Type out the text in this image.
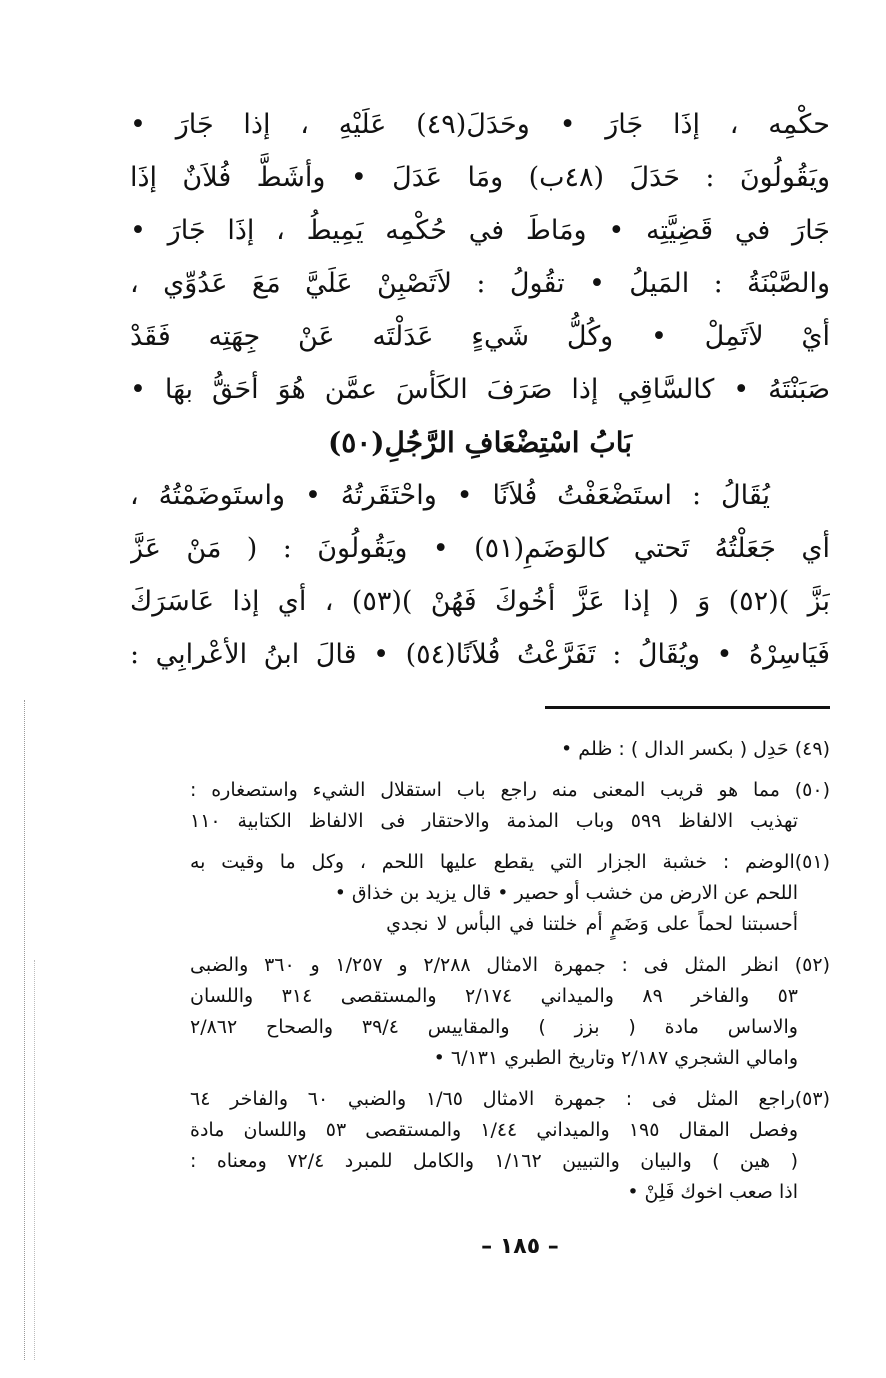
حكْمِه ، إذَا جَارَ • وحَدَلَ(٤٩) عَلَيْهِ ، إذا جَارَ •
ويَقُولُونَ : حَدَلَ (٤٨ب) ومَا عَدَلَ • وأشَطَّ فُلاَنٌ إذَا
جَارَ في قَضِيَّتِه • ومَاطَ في حُكْمِه يَمِيطُ ، إذَا جَارَ •
والصَّبْنَةُ : المَيلُ • تقُولُ : لاَتَصْبِنْ عَلَيَّ مَعَ عَدُوِّي ،
أيْ لاَتَمِلْ • وكُلُّ شَيءٍ عَدَلْتَه عَنْ جِهَتِه فَقَدْ
صَبَنْتَهُ • كالسَّاقِي إذا صَرَفَ الكَأسَ عمَّن هُوَ أحَقُّ بهَا •
بَابُ اسْتِضْعَافِ الرَّجُلِ(٥٠)
يُقَالُ : استَضْعَفْتُ فُلاَنًا • واحْتَقَرتُهُ • واستَوضَمْتُهُ ،
أي جَعَلْتُهُ تَحتي كالوَضَمِ(٥١) • ويَقُولُونَ : ( مَنْ عَزَّ
بَزَّ )(٥٢) وَ ( إذا عَزَّ أخُوكَ فَهُنْ )(٥٣) ، أي إذا عَاسَرَكَ
فَيَاسِرْهُ • ويُقَالُ : تَفَرَّعْتُ فُلاَنًا(٥٤) • قالَ ابنُ الأعْرابِي :
(٤٩) حَدِل ( بكسر الدال ) : ظلم •
(٥٠) مما هو قريب المعنى منه راجع باب استقلال الشيء واستصغاره :
تهذيب الالفاظ ٥٩٩ وباب المذمة والاحتقار فى الالفاظ الكتابية ١١٠
(٥١)الوضم : خشبة الجزار التي يقطع عليها اللحم ، وكل ما وقيت به
اللحم عن الارض من خشب أو حصير • قال يزيد بن خذاق •
أحسبتنا لحماً على وَضَمٍ أم خلتنا في البأس لا نجدي
(٥٢) انظر المثل فى : جمهرة الامثال ٢/٢٨٨ و ١/٢٥٧ و ٣٦٠ والضبى
٥٣ والفاخر ٨٩ والميداني ٢/١٧٤ والمستقصى ٣١٤ واللسان
والاساس مادة ( بزز ) والمقاييس ٣٩/٤ والصحاح ٢/٨٦٢
وامالي الشجري ٢/١٨٧ وتاريخ الطبري ٦/١٣١ •
(٥٣)راجع المثل فى : جمهرة الامثال ١/٦٥ والضبي ٦٠ والفاخر ٦٤
وفصل المقال ١٩٥ والميداني ١/٤٤ والمستقصى ٥٣ واللسان مادة
( هين ) والبيان والتبيين ١/١٦٢ والكامل للمبرد ٧٢/٤ ومعناه :
اذا صعب اخوك فَلِنْ •
– ١٨٥ –
